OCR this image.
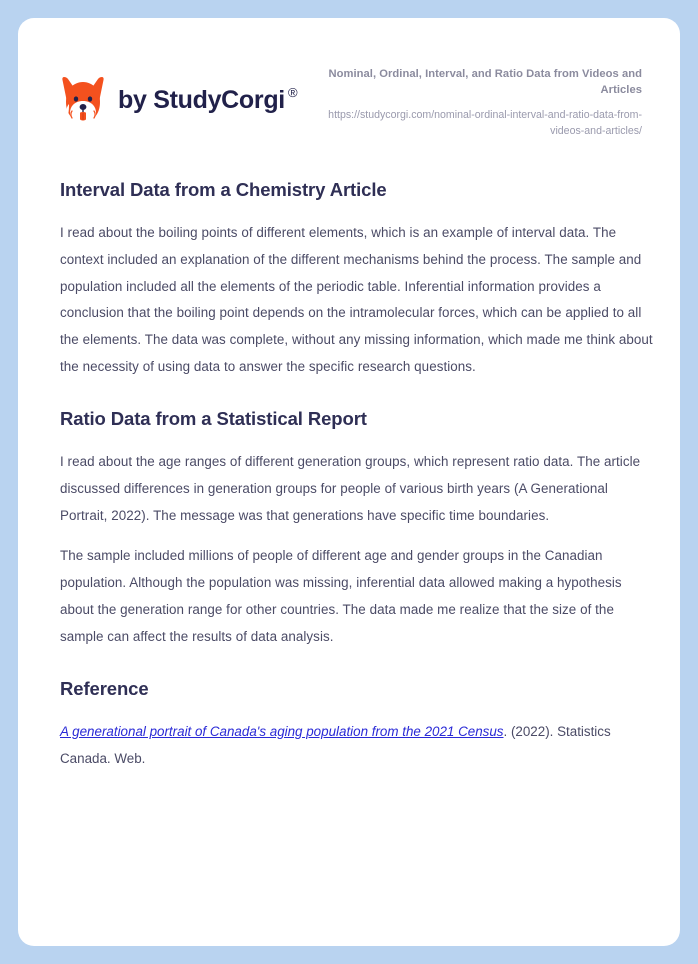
by StudyCorgi ®
Nominal, Ordinal, Interval, and Ratio Data from Videos and Articles
https://studycorgi.com/nominal-ordinal-interval-and-ratio-data-from-videos-and-articles/
Interval Data from a Chemistry Article

I read about the boiling points of different elements, which is an example of interval data. The context included an explanation of the different mechanisms behind the process. The sample and population included all the elements of the periodic table. Inferential information provides a conclusion that the boiling point depends on the intramolecular forces, which can be applied to all the elements. The data was complete, without any missing information, which made me think about the necessity of using data to answer the specific research questions.

Ratio Data from a Statistical Report

I read about the age ranges of different generation groups, which represent ratio data. The article discussed differences in generation groups for people of various birth years (A Generational Portrait, 2022). The message was that generations have specific time boundaries.

The sample included millions of people of different age and gender groups in the Canadian population. Although the population was missing, inferential data allowed making a hypothesis about the generation range for other countries. The data made me realize that the size of the sample can affect the results of data analysis.

Reference

A generational portrait of Canada's aging population from the 2021 Census. (2022). Statistics Canada. Web.
